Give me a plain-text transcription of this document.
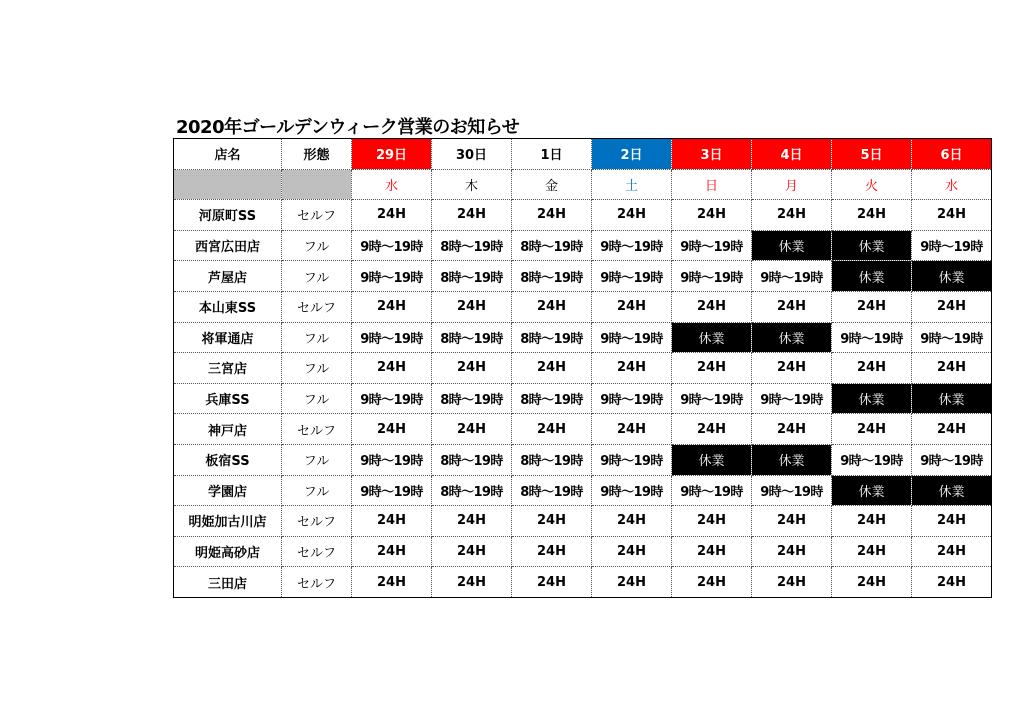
2020年ゴールデンウィーク営業のお知らせ
店名	形態	29日	30日	1日	2日	3日	4日	5日	6日
		水	木	金	土	日	月	火	水
河原町SS	セルフ	24H	24H	24H	24H	24H	24H	24H	24H
西宮広田店	フル	9時～19時	8時～19時	8時～19時	9時～19時	9時～19時	休業	休業	9時～19時
芦屋店	フル	9時～19時	8時～19時	8時～19時	9時～19時	9時～19時	9時～19時	休業	休業
本山東SS	セルフ	24H	24H	24H	24H	24H	24H	24H	24H
将軍通店	フル	9時～19時	8時～19時	8時～19時	9時～19時	休業	休業	9時～19時	9時～19時
三宮店	フル	24H	24H	24H	24H	24H	24H	24H	24H
兵庫SS	フル	9時～19時	8時～19時	8時～19時	9時～19時	9時～19時	9時～19時	休業	休業
神戸店	セルフ	24H	24H	24H	24H	24H	24H	24H	24H
板宿SS	フル	9時～19時	8時～19時	8時～19時	9時～19時	休業	休業	9時～19時	9時～19時
学園店	フル	9時～19時	8時～19時	8時～19時	9時～19時	9時～19時	9時～19時	休業	休業
明姫加古川店	セルフ	24H	24H	24H	24H	24H	24H	24H	24H
明姫高砂店	セルフ	24H	24H	24H	24H	24H	24H	24H	24H
三田店	セルフ	24H	24H	24H	24H	24H	24H	24H	24H
